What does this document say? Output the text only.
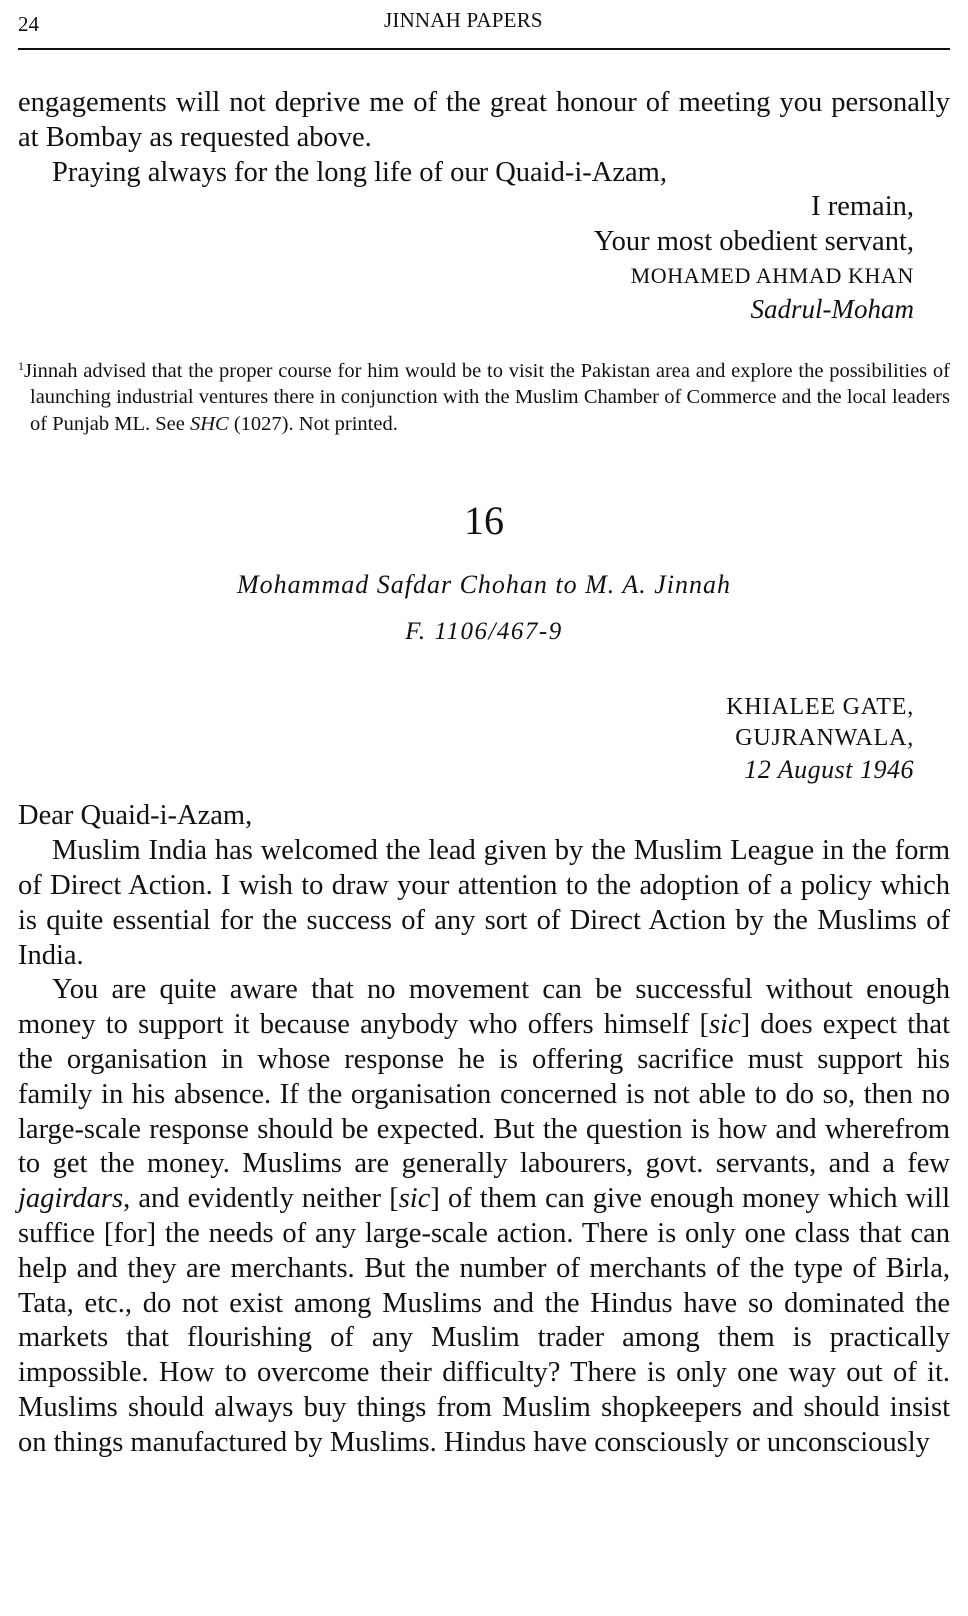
24	JINNAH PAPERS

engagements will not deprive me of the great honour of meeting you personally at Bombay as requested above.

Praying always for the long life of our Quaid-i-Azam,

I remain,

Your most obedient servant,

MOHAMED AHMAD KHAN

Sadrul-Moham

$^1$Jinnah advised that the proper course for him would be to visit the Pakistan area and explore the possibilities of launching industrial ventures there in conjunction with the Muslim Chamber of Commerce and the local leaders of Punjab ML. See SHC (1027). Not printed.

16

Mohammad Safdar Chohan to M. A. Jinnah

F. 1106/467-9

KHIALEE GATE,
GUJRANWALA,
12 August 1946

Dear Quaid-i-Azam,

Muslim India has welcomed the lead given by the Muslim League in the form of Direct Action. I wish to draw your attention to the adoption of a policy which is quite essential for the success of any sort of Direct Action by the Muslims of India.

You are quite aware that no movement can be successful without enough money to support it because anybody who offers himself [sic] does expect that the organisation in whose response he is offering sacrifice must support his family in his absence. If the organisation concerned is not able to do so, then no large-scale response should be expected. But the question is how and wherefrom to get the money. Muslims are generally labourers, govt. servants, and a few jagirdars, and evidently neither [sic] of them can give enough money which will suffice [for] the needs of any large-scale action. There is only one class that can help and they are merchants. But the number of merchants of the type of Birla, Tata, etc., do not exist among Muslims and the Hindus have so dominated the markets that flourishing of any Muslim trader among them is practically impossible. How to overcome their difficulty? There is only one way out of it. Muslims should always buy things from Muslim shopkeepers and should insist on things manufactured by Muslims. Hindus have consciously or unconsciously
